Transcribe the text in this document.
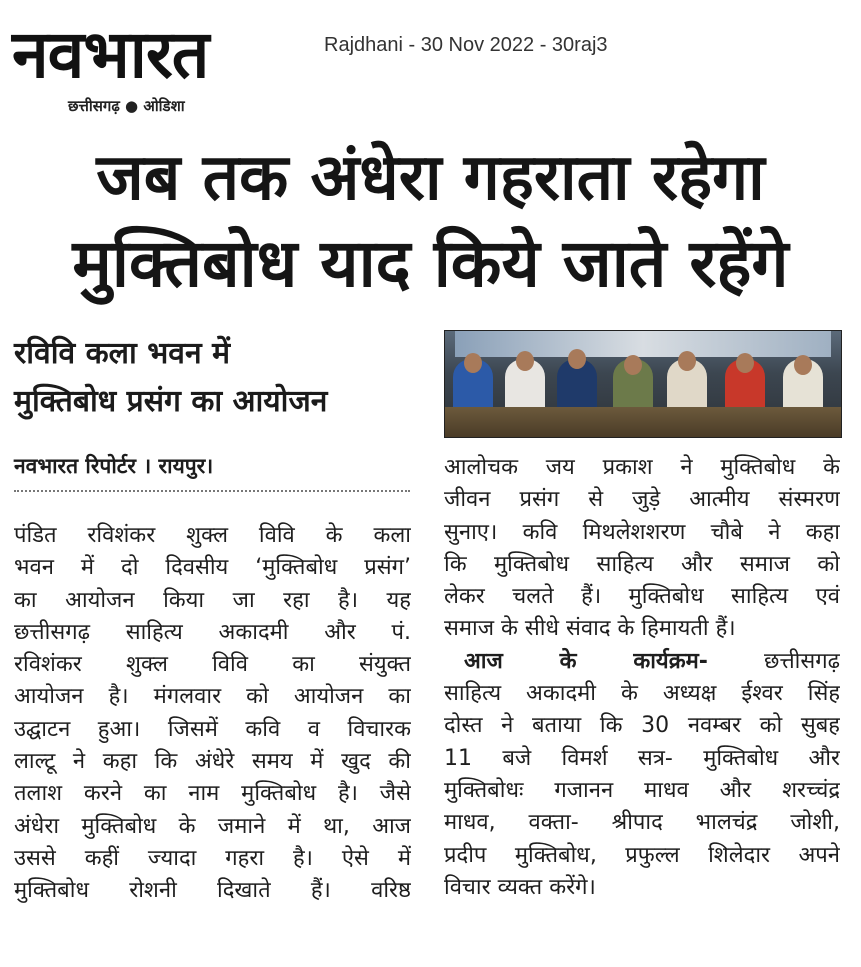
नवभारत
छत्तीसगढ़ ● ओडिशा
Rajdhani - 30 Nov 2022 - 30raj3
जब तक अंधेरा गहराता रहेगा
मुक्तिबोध याद किये जाते रहेंगे
रविवि कला भवन में
मुक्तिबोध प्रसंग का आयोजन
नवभारत रिपोर्टर । रायपुर।
पंडित रविशंकर शुक्ल विवि के कला
भवन में दो दिवसीय ‘मुक्तिबोध प्रसंग’
का आयोजन किया जा रहा है। यह
छत्तीसगढ़ साहित्य अकादमी और पं.
रविशंकर शुक्ल विवि का संयुक्त
आयोजन है। मंगलवार को आयोजन का
उद्घाटन हुआ। जिसमें कवि व विचारक
लाल्टू ने कहा कि अंधेरे समय में खुद की
तलाश करने का नाम मुक्तिबोध है। जैसे
अंधेरा मुक्तिबोध के जमाने में था, आज
उससे कहीं ज्यादा गहरा है। ऐसे में
मुक्तिबोध रोशनी दिखाते हैं। वरिष्ठ
आलोचक जय प्रकाश ने मुक्तिबोध के
जीवन प्रसंग से जुड़े आत्मीय संस्मरण
सुनाए। कवि मिथलेशशरण चौबे ने कहा
कि मुक्तिबोध साहित्य और समाज को
लेकर चलते हैं। मुक्तिबोध साहित्य एवं
समाज के सीधे संवाद के हिमायती हैं।
आज के कार्यक्रम-	छत्तीसगढ़
साहित्य अकादमी के अध्यक्ष ईश्वर सिंह
दोस्त ने बताया कि 30 नवम्बर को सुबह
11 बजे विमर्श सत्र- मुक्तिबोध और
मुक्तिबोधः गजानन माधव और शरच्चंद्र
माधव, वक्ता- श्रीपाद भालचंद्र जोशी,
प्रदीप मुक्तिबोध, प्रफुल्ल शिलेदार अपने
विचार व्यक्त करेंगे।
